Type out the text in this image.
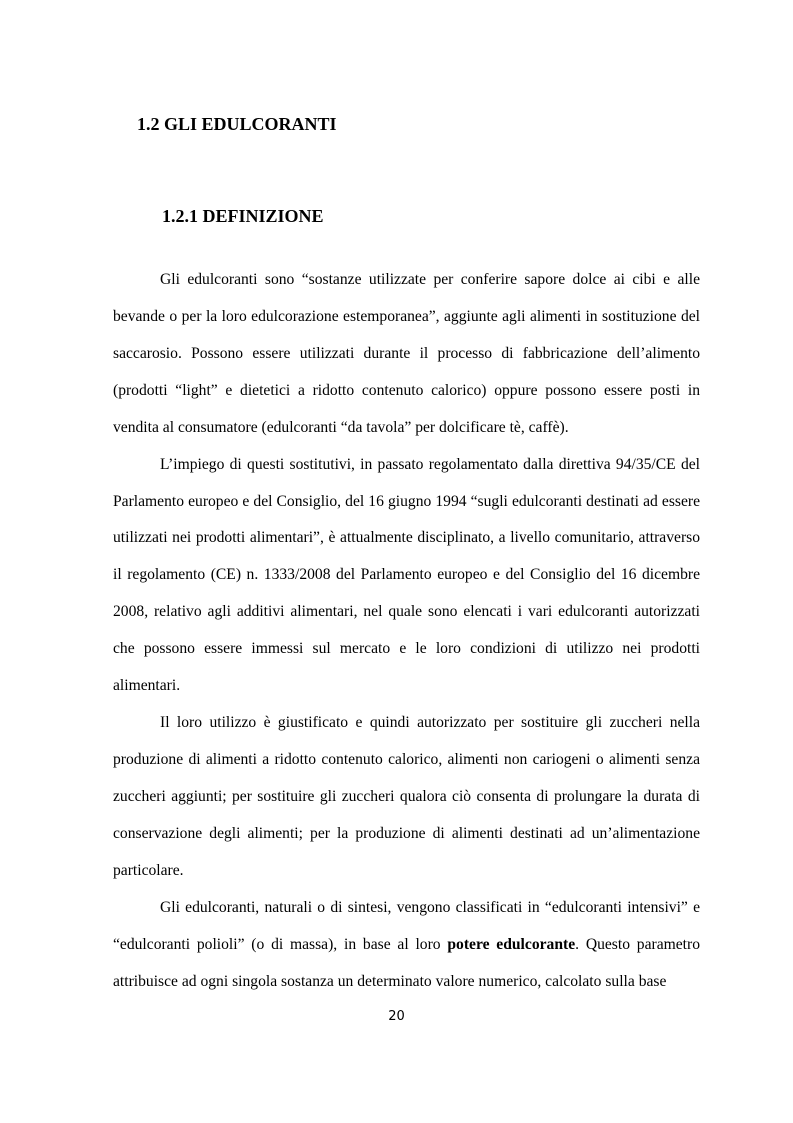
1.2 GLI EDULCORANTI
1.2.1 DEFINIZIONE

Gli edulcoranti sono “sostanze utilizzate per conferire sapore dolce ai cibi e alle bevande o per la loro edulcorazione estemporanea”, aggiunte agli alimenti in sostituzione del saccarosio. Possono essere utilizzati durante il processo di fabbricazione dell’alimento (prodotti “light” e dietetici a ridotto contenuto calorico) oppure possono essere posti in vendita al consumatore (edulcoranti “da tavola” per dolcificare tè, caffè).

L’impiego di questi sostitutivi, in passato regolamentato dalla direttiva 94/35/CE del Parlamento europeo e del Consiglio, del 16 giugno 1994 “sugli edulcoranti destinati ad essere utilizzati nei prodotti alimentari”, è attualmente disciplinato, a livello comunitario, attraverso il regolamento (CE) n. 1333/2008 del Parlamento europeo e del Consiglio del 16 dicembre 2008, relativo agli additivi alimentari, nel quale sono elencati i vari edulcoranti autorizzati che possono essere immessi sul mercato e le loro condizioni di utilizzo nei prodotti alimentari.

Il loro utilizzo è giustificato e quindi autorizzato per sostituire gli zuccheri nella produzione di alimenti a ridotto contenuto calorico, alimenti non cariogeni o alimenti senza zuccheri aggiunti; per sostituire gli zuccheri qualora ciò consenta di prolungare la durata di conservazione degli alimenti; per la produzione di alimenti destinati ad un’alimentazione particolare.

Gli edulcoranti, naturali o di sintesi, vengono classificati in “edulcoranti intensivi” e “edulcoranti polioli” (o di massa), in base al loro potere edulcorante. Questo parametro attribuisce ad ogni singola sostanza un determinato valore numerico, calcolato sulla base

20
